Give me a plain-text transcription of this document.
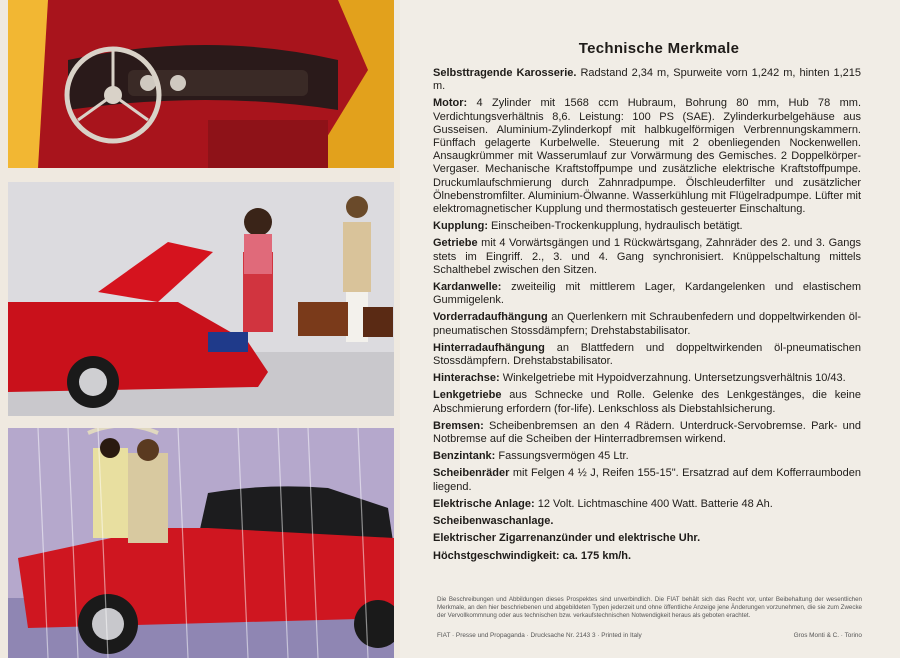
Technische Merkmale
Selbsttragende Karosserie. Radstand 2,34 m, Spurweite vorn 1,242 m, hinten 1,215 m.
Motor: 4 Zylinder mit 1568 ccm Hubraum, Bohrung 80 mm, Hub 78 mm. Verdichtungsverhältnis 8,6. Leistung: 100 PS (SAE). Zylinderkurbelgehäuse aus Gusseisen. Aluminium-Zylinderkopf mit halbkugelförmigen Verbrennungskammern. Fünffach gelagerte Kurbelwelle. Steuerung mit 2 obenliegenden Nockenwellen. Ansaugkrümmer mit Wasserumlauf zur Vorwärmung des Gemisches. 2 Doppelkörper-Vergaser. Mechanische Kraftstoffpumpe und zusätzliche elektrische Kraftstoffpumpe. Druckumlaufschmierung durch Zahnradpumpe. Ölschleuderfilter und zusätzlicher Ölnebenstromfilter. Aluminium-Ölwanne. Wasserkühlung mit Flügelradpumpe. Lüfter mit elektromagnetischer Kupplung und thermostatisch gesteuerter Einschaltung.
Kupplung: Einscheiben-Trockenkupplung, hydraulisch betätigt.
Getriebe mit 4 Vorwärtsgängen und 1 Rückwärtsgang, Zahnräder des 2. und 3. Gangs stets im Eingriff. 2., 3. und 4. Gang synchronisiert. Knüppelschaltung mittels Schalthebel zwischen den Sitzen.
Kardanwelle: zweiteilig mit mittlerem Lager, Kardangelenken und elastischem Gummigelenk.
Vorderradaufhängung an Querlenkern mit Schraubenfedern und doppeltwirkenden öl-pneumatischen Stossdämpfern; Drehstabstabilisator.
Hinterradaufhängung an Blattfedern und doppeltwirkenden öl-pneumatischen Stossdämpfern. Drehstabstabilisator.
Hinterachse: Winkelgetriebe mit Hypoidverzahnung. Untersetzungsverhältnis 10/43.
Lenkgetriebe aus Schnecke und Rolle. Gelenke des Lenkgestänges, die keine Abschmierung erfordern (for-life). Lenkschloss als Diebstahlsicherung.
Bremsen: Scheibenbremsen an den 4 Rädern. Unterdruck-Servobremse. Park- und Notbremse auf die Scheiben der Hinterradbremsen wirkend.
Benzintank: Fassungsvermögen 45 Ltr.
Scheibenräder mit Felgen 4 ½ J, Reifen 155-15". Ersatzrad auf dem Kofferraumboden liegend.
Elektrische Anlage: 12 Volt. Lichtmaschine 400 Watt. Batterie 48 Ah.
Scheibenwaschanlage.
Elektrischer Zigarrenanzünder und elektrische Uhr.
Höchstgeschwindigkeit: ca. 175 km/h.
Die Beschreibungen und Abbildungen dieses Prospektes sind unverbindlich. Die FIAT behält sich das Recht vor, unter Beibehaltung der wesentlichen Merkmale, an den hier beschriebenen und abgebildeten Typen jederzeit und ohne öffentliche Anzeige jene Änderungen vorzunehmen, die sie zum Zwecke der Vervollkommnung oder aus technischen bzw. verkaufstechnischen Notwendigkeit heraus als geboten erachtet.
FIAT · Presse und Propaganda · Drucksache Nr. 2143 3 · Printed in Italy	Gros Monti & C. · Torino
